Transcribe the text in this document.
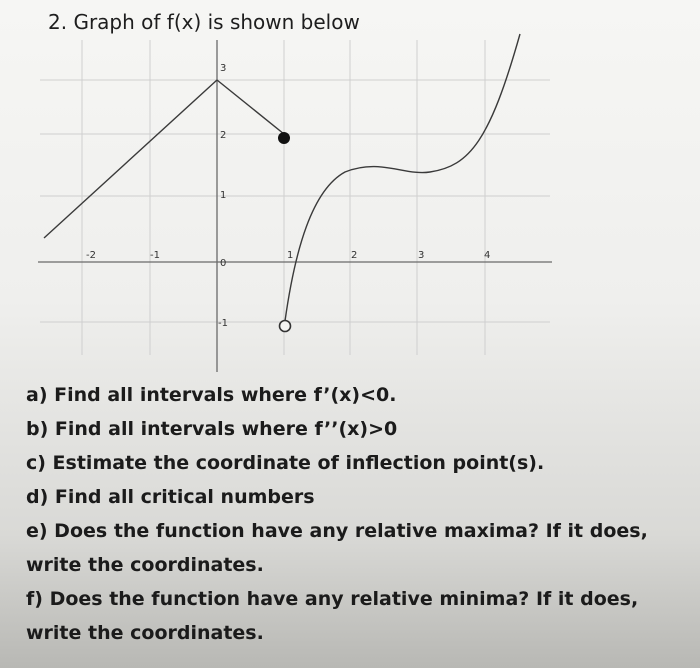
2. Graph of f(x) is shown below
-2	-1
0
1	2	3	4
3
2
1
-1

a) Find all intervals where f’(x)<0.

b) Find all intervals where f’’(x)>0

c) Estimate the coordinate of inflection point(s).

d) Find all critical numbers

e) Does the function have any relative maxima? If it does, write the coordinates.

f) Does the function have any relative minima? If it does, write the coordinates.
